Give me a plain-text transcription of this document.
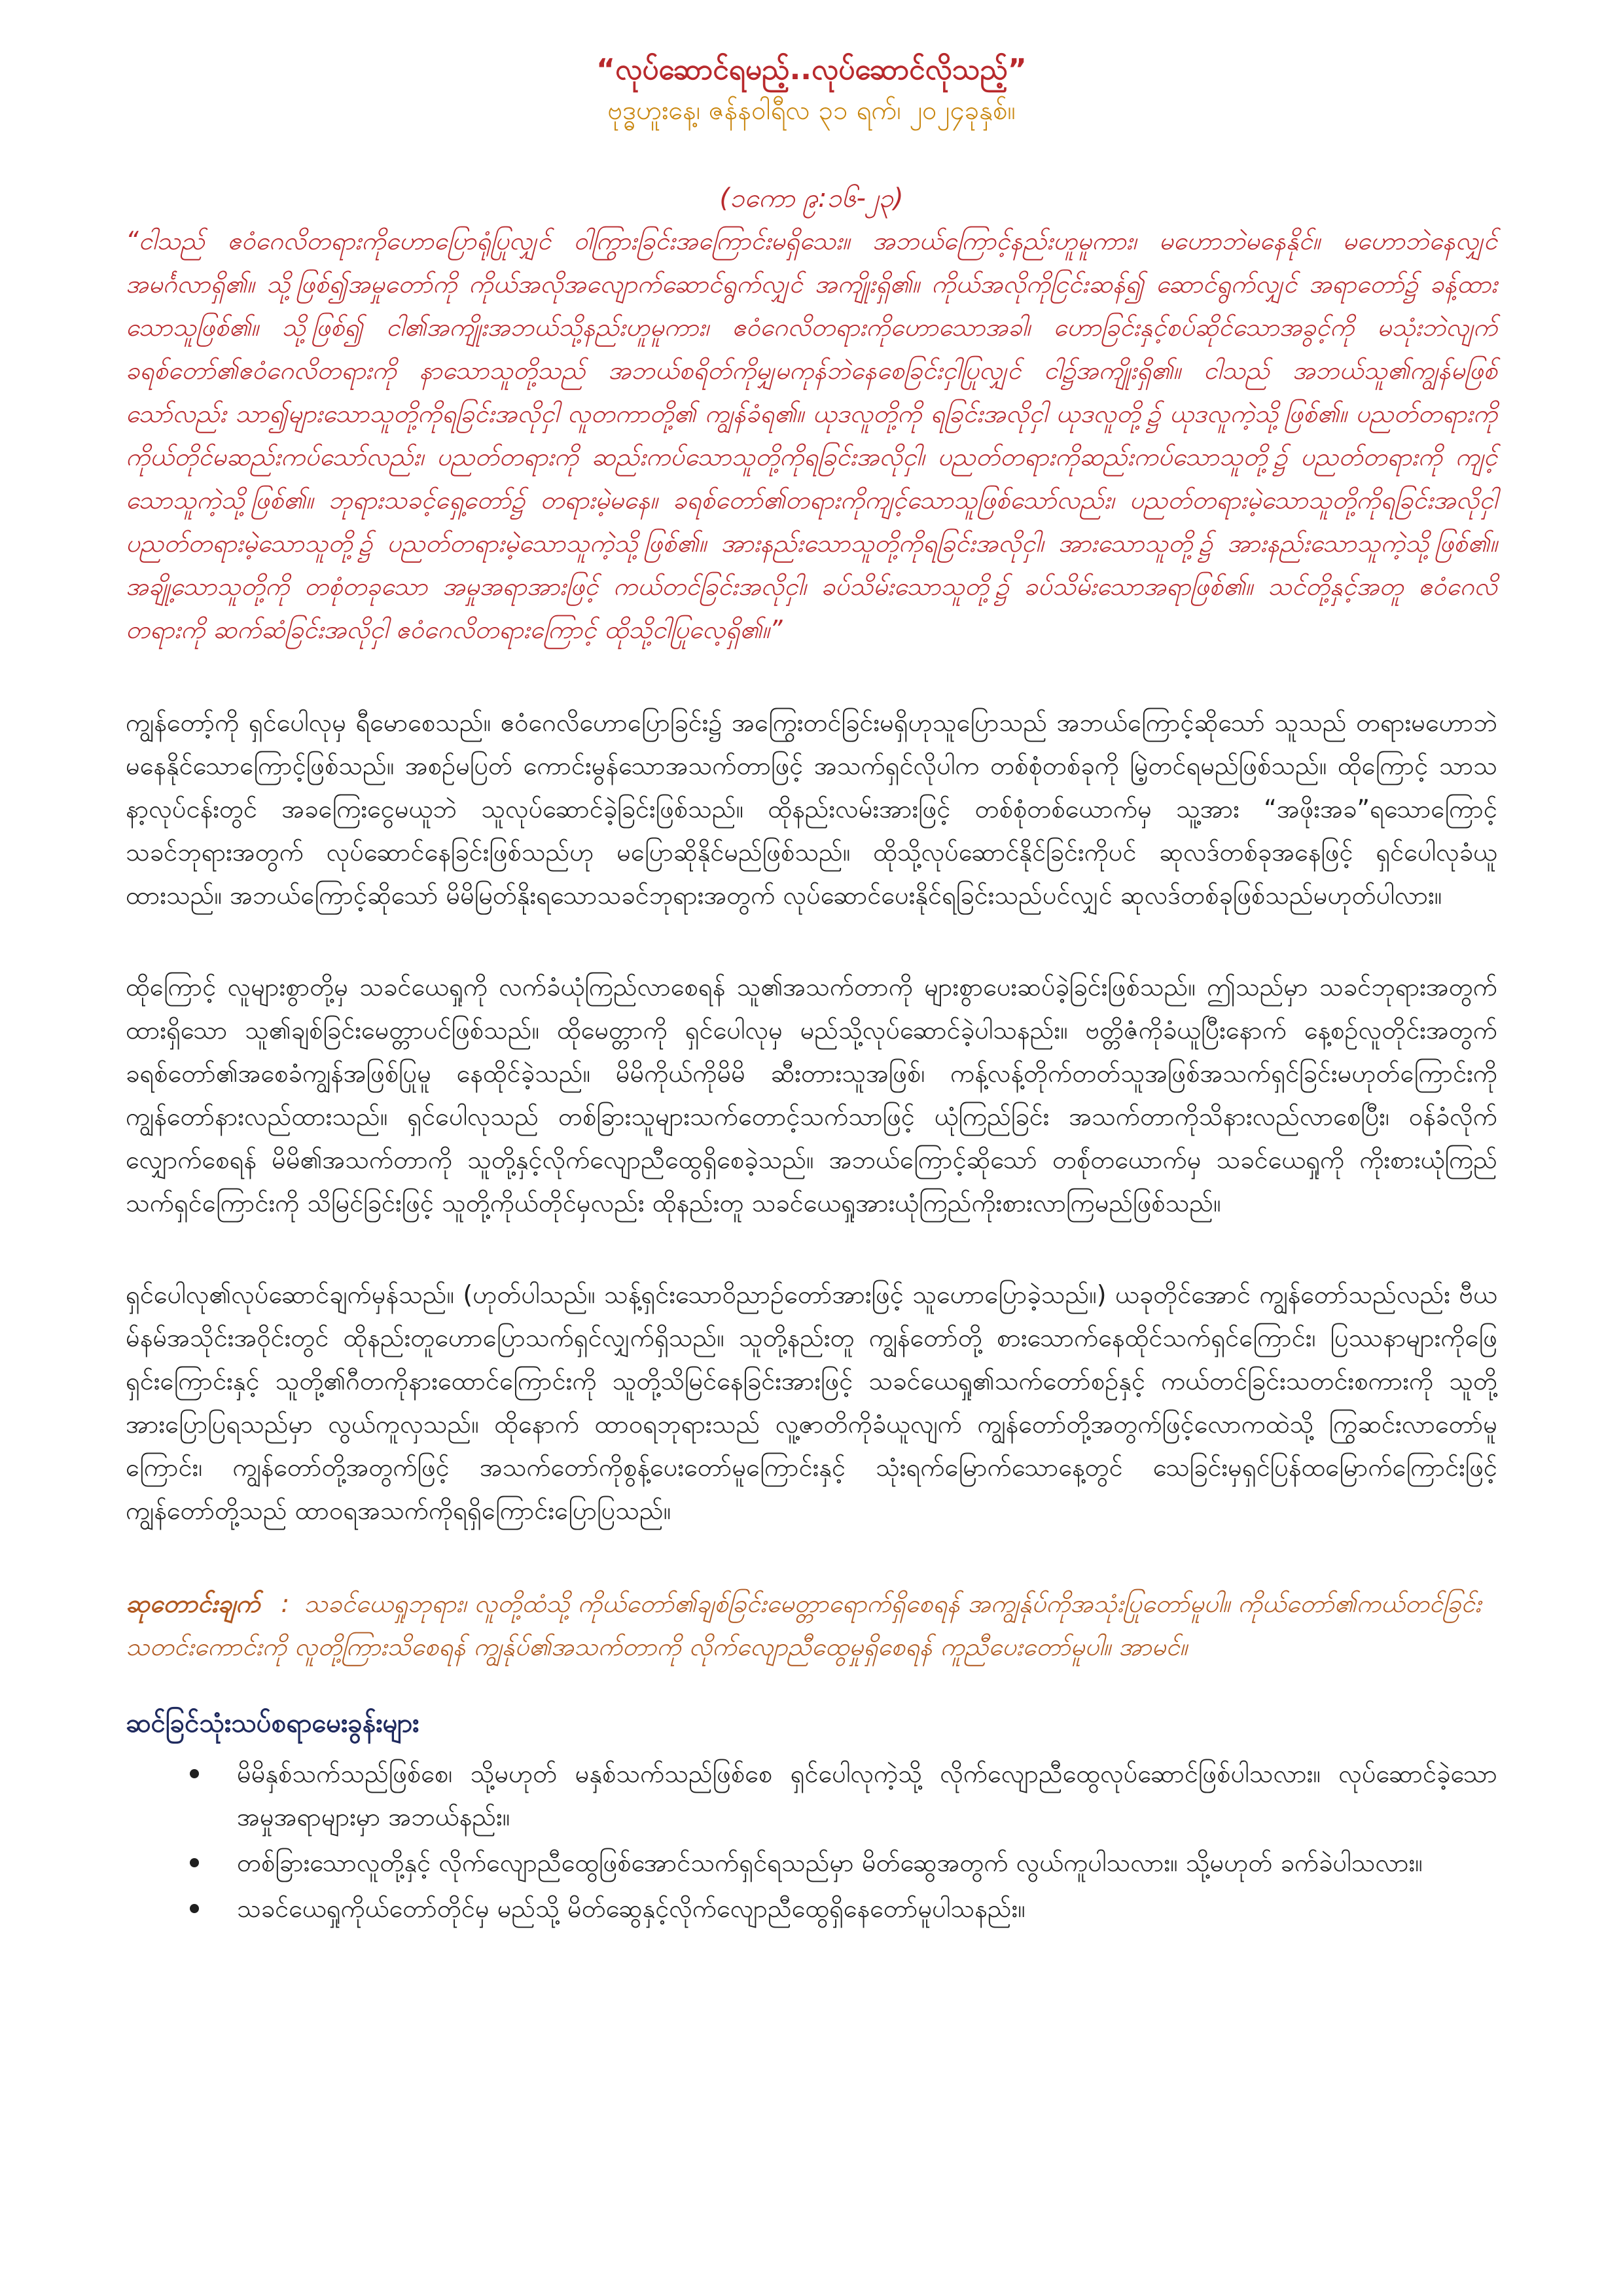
“လုပ်ဆောင်ရမည့်..လုပ်ဆောင်လိုသည့်”

ဗုဒ္ဓဟူးနေ့၊ ဇန်နဝါရီလ ၃၁ ရက်၊ ၂၀၂၄ခုနှစ်။

(၁ကော ၉:၁၆-၂၃)

“ငါသည် ဧဝံဂေလိတရားကိုဟောပြောရုံပြုလျှင် ဝါကြွားခြင်းအကြောင်းမရှိသေး။ အဘယ်ကြောင့်နည်းဟူမူကား၊ မဟောဘဲမနေနိုင်။ မဟောဘဲနေလျှင် အမင်္ဂလာရှိ၏။ သို့ဖြစ်၍အမှုတော်ကို ကိုယ်အလိုအလျောက်ဆောင်ရွက်လျှင် အကျိုးရှိ၏။ ကိုယ်အလိုကိုငြင်းဆန်၍ ဆောင်ရွက်လျှင် အရာတော်၌ ခန့်ထားသောသူဖြစ်၏။ သို့ဖြစ်၍ ငါ၏အကျိုးအဘယ်သို့နည်းဟူမူကား၊ ဧဝံဂေလိတရားကိုဟောသောအခါ၊ ဟောခြင်းနှင့်စပ်ဆိုင်သောအခွင့်ကို မသုံးဘဲလျက် ခရစ်တော်၏ဧဝံဂေလိတရားကို နာသောသူတို့သည် အဘယ်စရိတ်ကိုမျှမကုန်ဘဲနေစေခြင်းငှါပြုလျှင် ငါ၌အကျိုးရှိ၏။ ငါသည် အဘယ်သူ၏ကျွန်မဖြစ်သော်လည်း သာ၍များသောသူတို့ကိုရခြင်းအလိုငှါ လူတကာတို့၏ ကျွန်ခံရ၏။ ယုဒလူတို့ကို ရခြင်းအလိုငှါ ယုဒလူတို့၌ ယုဒလူကဲ့သို့ဖြစ်၏။ ပညတ်တရားကို ကိုယ်တိုင်မဆည်းကပ်သော်လည်း၊ ပညတ်တရားကို ဆည်းကပ်သောသူတို့ကိုရခြင်းအလိုငှါ၊ ပညတ်တရားကိုဆည်းကပ်သောသူတို့၌ ပညတ်တရားကို ကျင့်သောသူကဲ့သို့ဖြစ်၏။ ဘုရားသခင့်ရှေ့တော်၌ တရားမဲ့မနေ။ ခရစ်တော်၏တရားကိုကျင့်သောသူဖြစ်သော်လည်း၊ ပညတ်တရားမဲ့သောသူတို့ကိုရခြင်းအလိုငှါ ပညတ်တရားမဲ့သောသူတို့၌ ပညတ်တရားမဲ့သောသူကဲ့သို့ဖြစ်၏။ အားနည်းသောသူတို့ကိုရခြင်းအလိုငှါ၊ အားသောသူတို့၌ အားနည်းသောသူကဲ့သို့ဖြစ်၏။ အချို့သောသူတို့ကို တစုံတခုသော အမှုအရာအားဖြင့် ကယ်တင်ခြင်းအလိုငှါ၊ ခပ်သိမ်းသောသူတို့၌ ခပ်သိမ်းသောအရာဖြစ်၏။ သင်တို့နှင့်အတူ ဧဝံဂေလိတရားကို ဆက်ဆံခြင်းအလိုငှါ ဧဝံဂေလိတရားကြောင့် ထိုသို့ငါပြုလေ့ရှိ၏။”

ကျွန်တော့်ကို ရှင်ပေါလုမှ ရီမောစေသည်။ ဧဝံဂေလိဟောပြောခြင်း၌ အကြွေးတင်ခြင်းမရှိဟုသူပြောသည် အဘယ်ကြောင့်ဆိုသော် သူသည် တရားမဟောဘဲမနေနိုင်သောကြောင့်ဖြစ်သည်။ အစဉ်မပြတ် ကောင်းမွန်သောအသက်တာဖြင့် အသက်ရှင်လိုပါက တစ်စုံတစ်ခုကို မြဲ့တင်ရမည်ဖြစ်သည်။ ထိုကြောင့် သာသနာ့လုပ်ငန်းတွင် အခကြေးငွေမယူဘဲ သူလုပ်ဆောင်ခဲ့ခြင်းဖြစ်သည်။ ထိုနည်းလမ်းအားဖြင့် တစ်စုံတစ်ယောက်မှ သူ့အား “အဖိုးအခ”ရသောကြောင့် သခင်ဘုရားအတွက် လုပ်ဆောင်နေခြင်းဖြစ်သည်ဟု မပြောဆိုနိုင်မည်ဖြစ်သည်။ ထိုသို့လုပ်ဆောင်နိုင်ခြင်းကိုပင် ဆုလဒ်တစ်ခုအနေဖြင့် ရှင်ပေါလုခံယူထားသည်။ အဘယ်ကြောင့်ဆိုသော် မိမိမြတ်နိုးရသောသခင်ဘုရားအတွက် လုပ်ဆောင်ပေးနိုင်ရခြင်းသည်ပင်လျှင် ဆုလဒ်တစ်ခုဖြစ်သည်မဟုတ်ပါလား။

ထိုကြောင့် လူများစွာတို့မှ သခင်ယေရှုကို လက်ခံယုံကြည်လာစေရန် သူ၏အသက်တာကို များစွာပေးဆပ်ခဲ့ခြင်းဖြစ်သည်။ ဤသည်မှာ သခင်ဘုရားအတွက်ထားရှိသော သူ၏ချစ်ခြင်းမေတ္တာပင်ဖြစ်သည်။ ထိုမေတ္တာကို ရှင်ပေါလုမှ မည်သို့လုပ်ဆောင်ခဲ့ပါသနည်း။ ဗတ္တိဇံကိုခံယူပြီးနောက် နေ့စဉ်လူတိုင်းအတွက် ခရစ်တော်၏အစေခံကျွန်အဖြစ်ပြုမူ နေထိုင်ခဲ့သည်။ မိမိကိုယ်ကိုမိမိ ဆီးတားသူအဖြစ်၊ ကန့်လန့်တိုက်တတ်သူအဖြစ်အသက်ရှင်ခြင်းမဟုတ်ကြောင်းကို ကျွန်တော်နားလည်ထားသည်။ ရှင်ပေါလုသည် တစ်ခြားသူများသက်တောင့်သက်သာဖြင့် ယုံကြည်ခြင်း အသက်တာကိုသိနားလည်လာစေပြီး၊ ဝန်ခံလိုက်လျှောက်စေရန် မိမိ၏အသက်တာကို သူတို့နှင့်လိုက်လျောညီထွေရှိစေခဲ့သည်။ အဘယ်ကြောင့်ဆိုသော် တစ်ုံတယောက်မှ သခင်ယေရှုကို ကိုးစားယုံကြည်သက်ရှင်ကြောင်းကို သိမြင်ခြင်းဖြင့် သူတို့ကိုယ်တိုင်မှလည်း ထိုနည်းတူ သခင်ယေရှုအားယုံကြည်ကိုးစားလာကြမည်ဖြစ်သည်။

ရှင်ပေါလု၏လုပ်ဆောင်ချက်မှန်သည်။ (ဟုတ်ပါသည်။ သန့်ရှင်းသောဝိညာဉ်တော်အားဖြင့် သူဟောပြောခဲ့သည်။) ယခုတိုင်အောင် ကျွန်တော်သည်လည်း ဗီယမ်နမ်အသိုင်းအဝိုင်းတွင် ထိုနည်းတူဟောပြောသက်ရှင်လျှက်ရှိသည်။ သူတို့နည်းတူ ကျွန်တော်တို့ စားသောက်နေထိုင်သက်ရှင်ကြောင်း၊ ပြဿနာများကိုဖြေရှင်းကြောင်းနှင့် သူတို့၏ဂီတကိုနားထောင်ကြောင်းကို သူတို့သိမြင်နေခြင်းအားဖြင့် သခင်ယေရှု၏သက်တော်စဉ်နှင့် ကယ်တင်ခြင်းသတင်းစကားကို သူတို့အားပြောပြရသည်မှာ လွယ်ကူလှသည်။ ထိုနောက် ထာဝရဘုရားသည် လူ့ဇာတိကိုခံယူလျက် ကျွန်တော်တို့အတွက်ဖြင့်လောကထဲသို့ ကြွဆင်းလာတော်မူကြောင်း၊ ကျွန်တော်တို့အတွက်ဖြင့် အသက်တော်ကိုစွန့်ပေးတော်မူကြောင်းနှင့် သုံးရက်မြောက်သောနေ့တွင် သေခြင်းမှရှင်ပြန်ထမြောက်ကြောင်းဖြင့် ကျွန်တော်တို့သည် ထာဝရအသက်ကိုရရှိကြောင်းပြောပြသည်။

ဆုတောင်းချက် : သခင်ယေရှုဘုရား၊ လူတို့ထံသို့ ကိုယ်တော်၏ချစ်ခြင်းမေတ္တာရောက်ရှိစေရန် အကျွန်ုပ်ကိုအသုံးပြုတော်မူပါ။ ကိုယ်တော်၏ကယ်တင်ခြင်းသတင်းကောင်းကို လူတို့ကြားသိစေရန် ကျွန်ုပ်၏အသက်တာကို လိုက်လျောညီထွေမှုရှိစေရန် ကူညီပေးတော်မူပါ။ အာမင်။

ဆင်ခြင်သုံးသပ်စရာမေးခွန်းများ

မိမိနှစ်သက်သည်ဖြစ်စေ၊ သို့မဟုတ် မနှစ်သက်သည်ဖြစ်စေ ရှင်ပေါလုကဲ့သို့ လိုက်လျောညီထွေလုပ်ဆောင်ဖြစ်ပါသလား။ လုပ်ဆောင်ခဲ့သောအမှုအရာများမှာ အဘယ်နည်း။
တစ်ခြားသောလူတို့နှင့် လိုက်လျောညီထွေဖြစ်အောင်သက်ရှင်ရသည်မှာ မိတ်ဆွေအတွက် လွယ်ကူပါသလား။ သို့မဟုတ် ခက်ခဲပါသလား။
သခင်ယေရှုကိုယ်တော်တိုင်မှ မည်သို့ မိတ်ဆွေနှင့်လိုက်လျောညီထွေရှိနေတော်မူပါသနည်း။
